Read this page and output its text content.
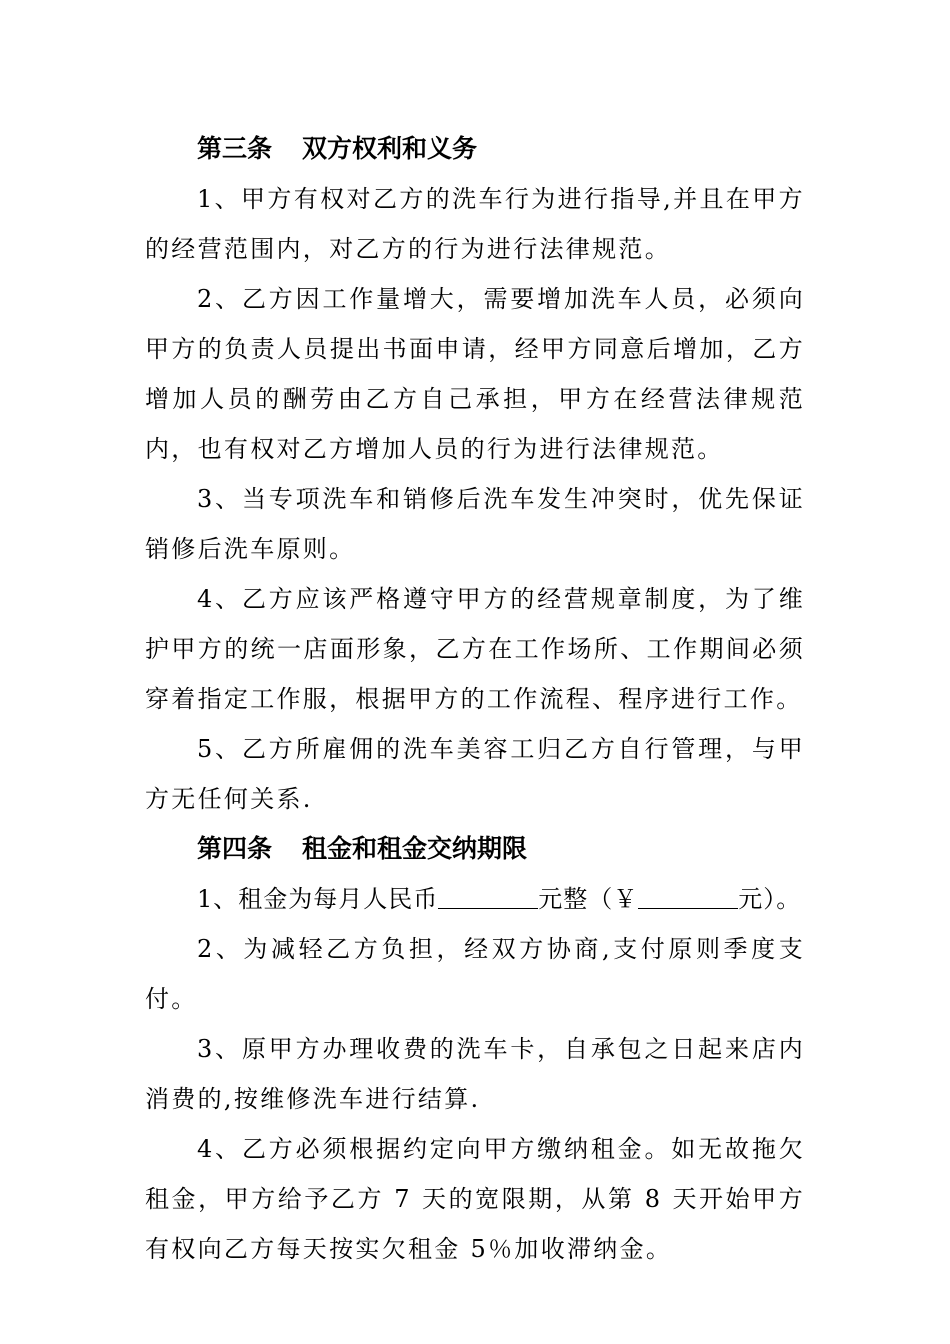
第三条 双方权利和义务

1、甲方有权对乙方的洗车行为进行指导,并且在甲方的经营范围内，对乙方的行为进行法律规范。

2、乙方因工作量增大，需要增加洗车人员，必须向甲方的负责人员提出书面申请，经甲方同意后增加，乙方增加人员的酬劳由乙方自己承担，甲方在经营法律规范内，也有权对乙方增加人员的行为进行法律规范。

3、当专项洗车和销修后洗车发生冲突时，优先保证销修后洗车原则。

4、乙方应该严格遵守甲方的经营规章制度，为了维护甲方的统一店面形象，乙方在工作场所、工作期间必须穿着指定工作服，根据甲方的工作流程、程序进行工作。

5、乙方所雇佣的洗车美容工归乙方自行管理，与甲方无任何关系.

第四条 租金和租金交纳期限

1、租金为每月人民币	元整（￥	元）。

2、为减轻乙方负担，经双方协商,支付原则季度支付。

3、原甲方办理收费的洗车卡，自承包之日起来店内消费的,按维修洗车进行结算.

4、乙方必须根据约定向甲方缴纳租金。如无故拖欠租金，甲方给予乙方 7 天的宽限期，从第 8 天开始甲方有权向乙方每天按实欠租金 5％加收滞纳金。
